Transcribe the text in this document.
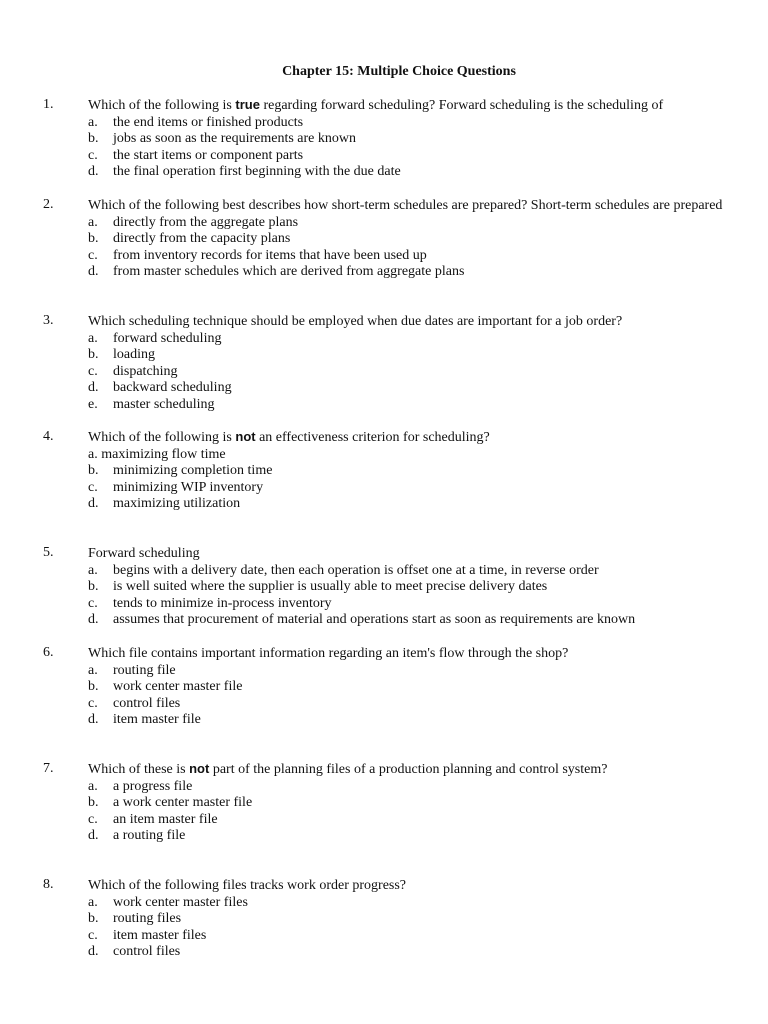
Chapter 15: Multiple Choice Questions
1. Which of the following is true regarding forward scheduling? Forward scheduling is the scheduling of
a. the end items or finished products
b. jobs as soon as the requirements are known
c. the start items or component parts
d. the final operation first beginning with the due date
2. Which of the following best describes how short-term schedules are prepared? Short-term schedules are prepared
a. directly from the aggregate plans
b. directly from the capacity plans
c. from inventory records for items that have been used up
d. from master schedules which are derived from aggregate plans
3. Which scheduling technique should be employed when due dates are important for a job order?
a. forward scheduling
b. loading
c. dispatching
d. backward scheduling
e. master scheduling
4. Which of the following is not an effectiveness criterion for scheduling?
a. maximizing flow time
b. minimizing completion time
c. minimizing WIP inventory
d. maximizing utilization
5. Forward scheduling
a. begins with a delivery date, then each operation is offset one at a time, in reverse order
b. is well suited where the supplier is usually able to meet precise delivery dates
c. tends to minimize in-process inventory
d. assumes that procurement of material and operations start as soon as requirements are known
6. Which file contains important information regarding an item's flow through the shop?
a. routing file
b. work center master file
c. control files
d. item master file
7. Which of these is not part of the planning files of a production planning and control system?
a. a progress file
b. a work center master file
c. an item master file
d. a routing file
8. Which of the following files tracks work order progress?
a. work center master files
b. routing files
c. item master files
d. control files
